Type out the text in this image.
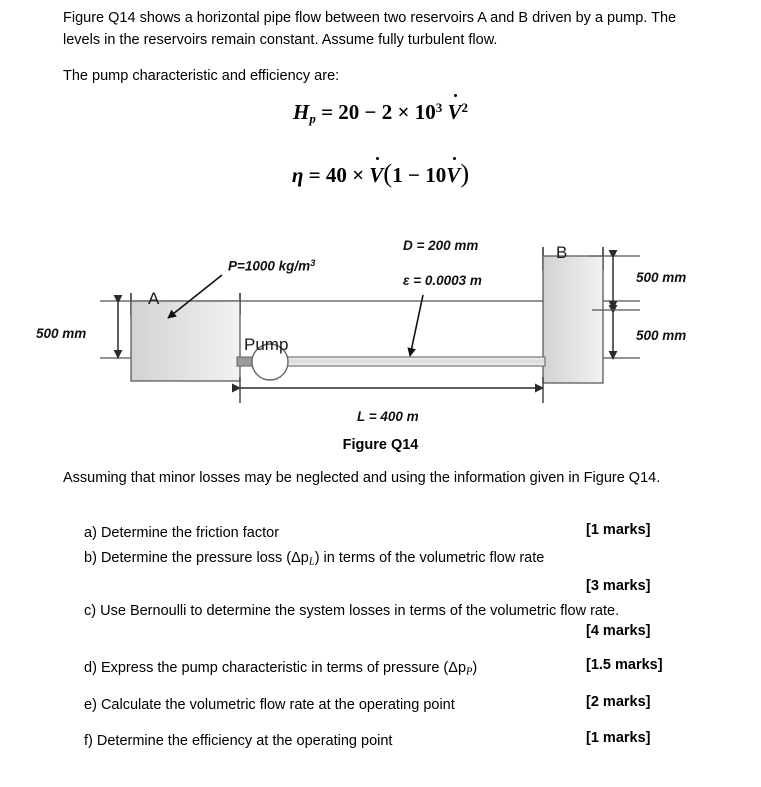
Figure Q14 shows a horizontal pipe flow between two reservoirs A and B driven by a pump. The levels in the reservoirs remain constant. Assume fully turbulent flow.

The pump characteristic and efficiency are:

$H_p = 20 - 2 \times 10^3$ $V^2$
η = 40 × V(1 − 10V)
A
B
Pump
P=1000 $kg/m^3$
D = 200 mm
ε = 0.0003 m
500 mm
500 mm
500 mm
L = 400 m
Figure Q14
Assuming that minor losses may be neglected and using the information given in Figure Q14.
a) Determine the friction factor	[1 marks]
b) Determine the pressure loss (ΔpL) in terms of the volumetric flow rate
[3 marks]
c) Use Bernoulli to determine the system losses in terms of the volumetric flow rate.
[4 marks]
d) Express the pump characteristic in terms of pressure (ΔpP)	[1.5 marks]
e) Calculate the volumetric flow rate at the operating point	[2 marks]
f) Determine the efficiency at the operating point	[1 marks]
